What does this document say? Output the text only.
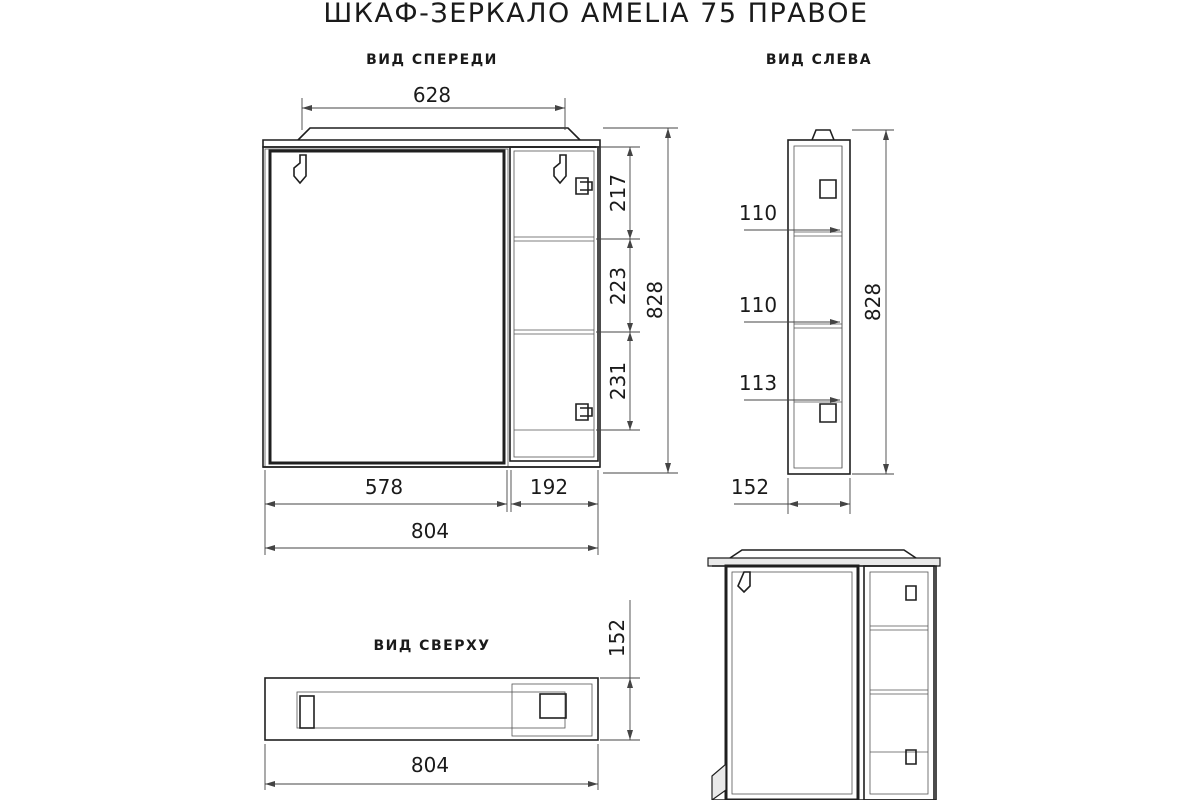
ШКАФ-ЗЕРКАЛО AMELIA 75 ПРАВОЕ
ВИД СПЕРЕДИ	ВИД СЛЕВА
ВИД СВЕРХУ
628
828
217
223
231
578	192
804
110
110
113
828
152
152
804
